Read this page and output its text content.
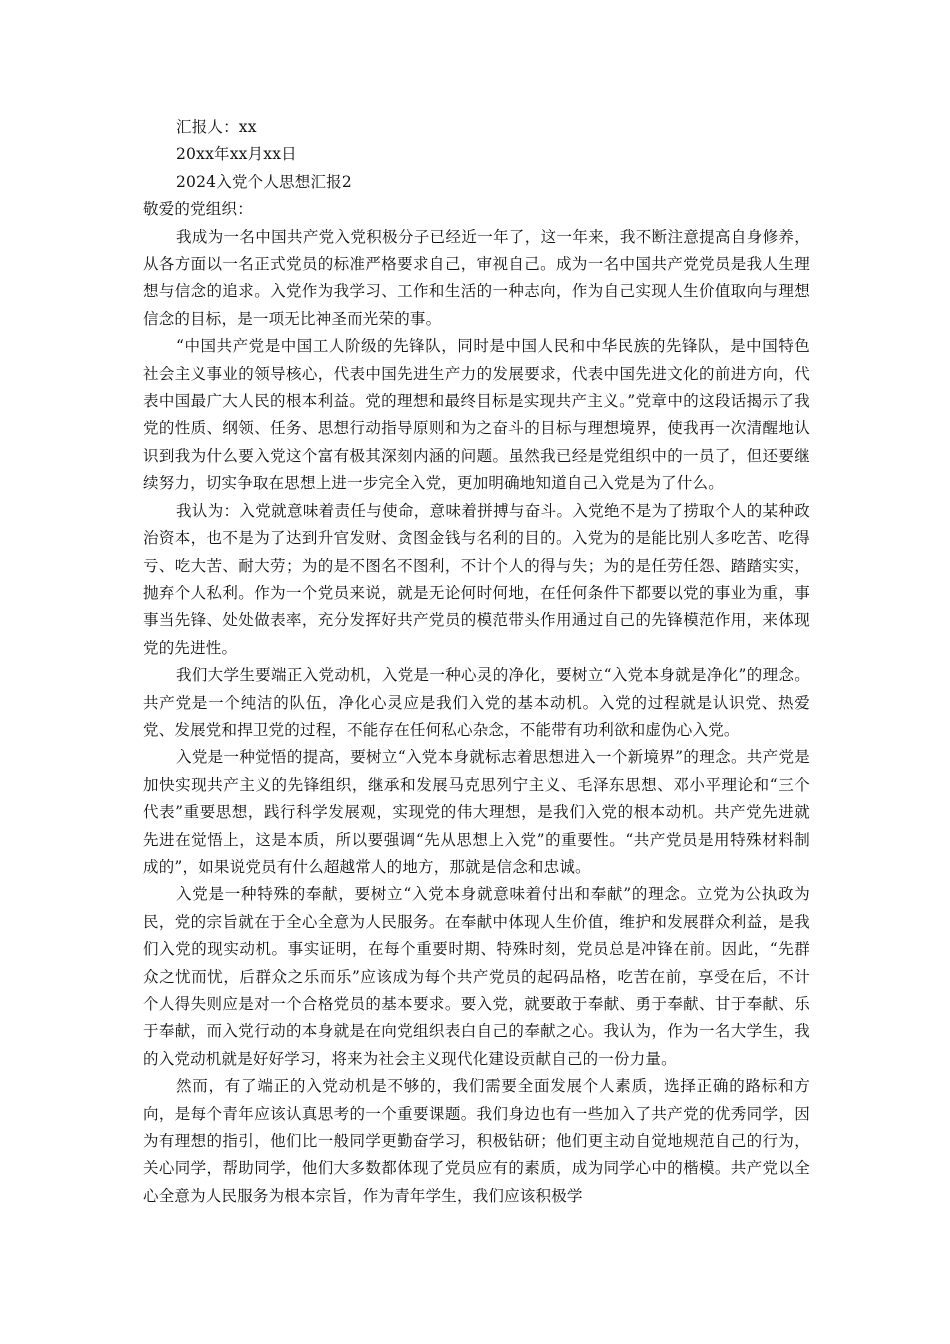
汇报人：xx

20xx年xx月xx日

2024入党个人思想汇报2

敬爱的党组织：

我成为一名中国共产党入党积极分子已经近一年了，这一年来，我不断注意提高自身修养，从各方面以一名正式党员的标准严格要求自己，审视自己。成为一名中国共产党党员是我人生理想与信念的追求。入党作为我学习、工作和生活的一种志向，作为自己实现人生价值取向与理想信念的目标，是一项无比神圣而光荣的事。

“中国共产党是中国工人阶级的先锋队，同时是中国人民和中华民族的先锋队，是中国特色社会主义事业的领导核心，代表中国先进生产力的发展要求，代表中国先进文化的前进方向，代表中国最广大人民的根本利益。党的理想和最终目标是实现共产主义。”党章中的这段话揭示了我党的性质、纲领、任务、思想行动指导原则和为之奋斗的目标与理想境界，使我再一次清醒地认识到我为什么要入党这个富有极其深刻内涵的问题。虽然我已经是党组织中的一员了，但还要继续努力，切实争取在思想上进一步完全入党，更加明确地知道自己入党是为了什么。

我认为：入党就意味着责任与使命，意味着拼搏与奋斗。入党绝不是为了捞取个人的某种政治资本，也不是为了达到升官发财、贪图金钱与名利的目的。入党为的是能比别人多吃苦、吃得亏、吃大苦、耐大劳；为的是不图名不图利，不计个人的得与失；为的是任劳任怨、踏踏实实，抛弃个人私利。作为一个党员来说，就是无论何时何地，在任何条件下都要以党的事业为重，事事当先锋、处处做表率，充分发挥好共产党员的模范带头作用通过自己的先锋模范作用，来体现党的先进性。

我们大学生要端正入党动机，入党是一种心灵的净化，要树立“入党本身就是净化”的理念。共产党是一个纯洁的队伍，净化心灵应是我们入党的基本动机。入党的过程就是认识党、热爱党、发展党和捍卫党的过程，不能存在任何私心杂念，不能带有功利欲和虚伪心入党。

入党是一种觉悟的提高，要树立“入党本身就标志着思想进入一个新境界”的理念。共产党是加快实现共产主义的先锋组织，继承和发展马克思列宁主义、毛泽东思想、邓小平理论和“三个代表”重要思想，践行科学发展观，实现党的伟大理想，是我们入党的根本动机。共产党先进就先进在觉悟上，这是本质，所以要强调“先从思想上入党”的重要性。“共产党员是用特殊材料制成的”，如果说党员有什么超越常人的地方，那就是信念和忠诚。

入党是一种特殊的奉献，要树立“入党本身就意味着付出和奉献”的理念。立党为公执政为民，党的宗旨就在于全心全意为人民服务。在奉献中体现人生价值，维护和发展群众利益，是我们入党的现实动机。事实证明，在每个重要时期、特殊时刻，党员总是冲锋在前。因此，“先群众之忧而忧，后群众之乐而乐”应该成为每个共产党员的起码品格，吃苦在前，享受在后，不计个人得失则应是对一个合格党员的基本要求。要入党，就要敢于奉献、勇于奉献、甘于奉献、乐于奉献，而入党行动的本身就是在向党组织表白自己的奉献之心。我认为，作为一名大学生，我的入党动机就是好好学习，将来为社会主义现代化建设贡献自己的一份力量。

然而，有了端正的入党动机是不够的，我们需要全面发展个人素质，选择正确的路标和方向，是每个青年应该认真思考的一个重要课题。我们身边也有一些加入了共产党的优秀同学，因为有理想的指引，他们比一般同学更勤奋学习，积极钻研；他们更主动自觉地规范自己的行为，关心同学，帮助同学，他们大多数都体现了党员应有的素质，成为同学心中的楷模。共产党以全心全意为人民服务为根本宗旨，作为青年学生，我们应该积极学
